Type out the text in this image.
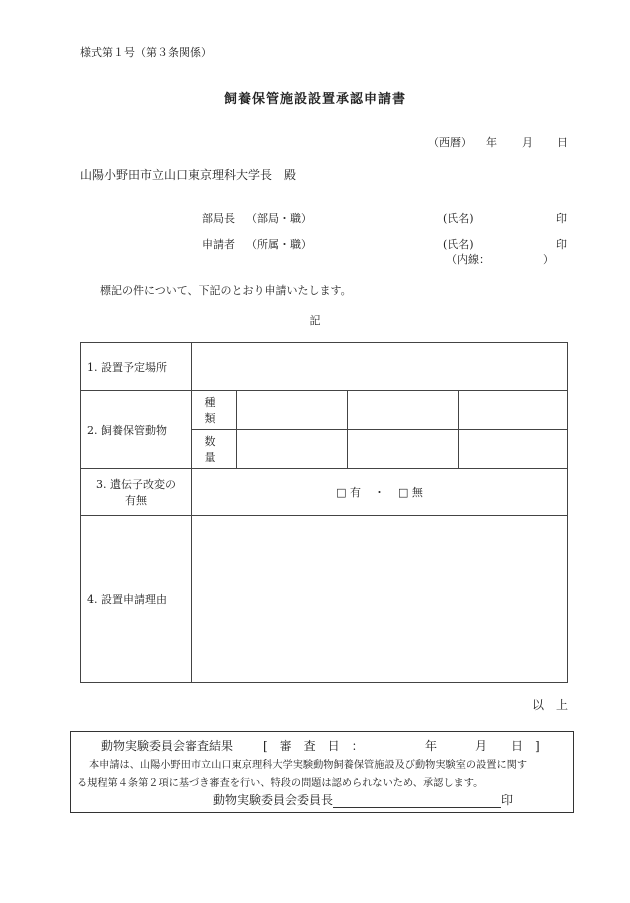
様式第１号（第３条関係）
飼養保管施設設置承認申請書
（西暦） 年 月 日
山陽小野田市立山口東京理科大学長　殿
部局長 （部局・職）	(氏名)	印
申請者 （所属・職）	(氏名)	印
（内線：	）
標記の件について、下記のとおり申請いたします。
記
1. 設置予定場所				
2. 飼養保管動物	種　類			
	数　量			

3. 遺伝子改変の
有無	□ 有 ・ □ 無			
4. 設置申請理由				
以　上
動物実験委員会審査結果 [　審　査　日　：	年	月 日　]
本申請は、山陽小野田市立山口東京理科大学実験動物飼養保管施設及び動物実験室の設置に関す
る規程第４条第２項に基づき審査を行い、特段の問題は認められないため、承認します。
動物実験委員会委員長	印
